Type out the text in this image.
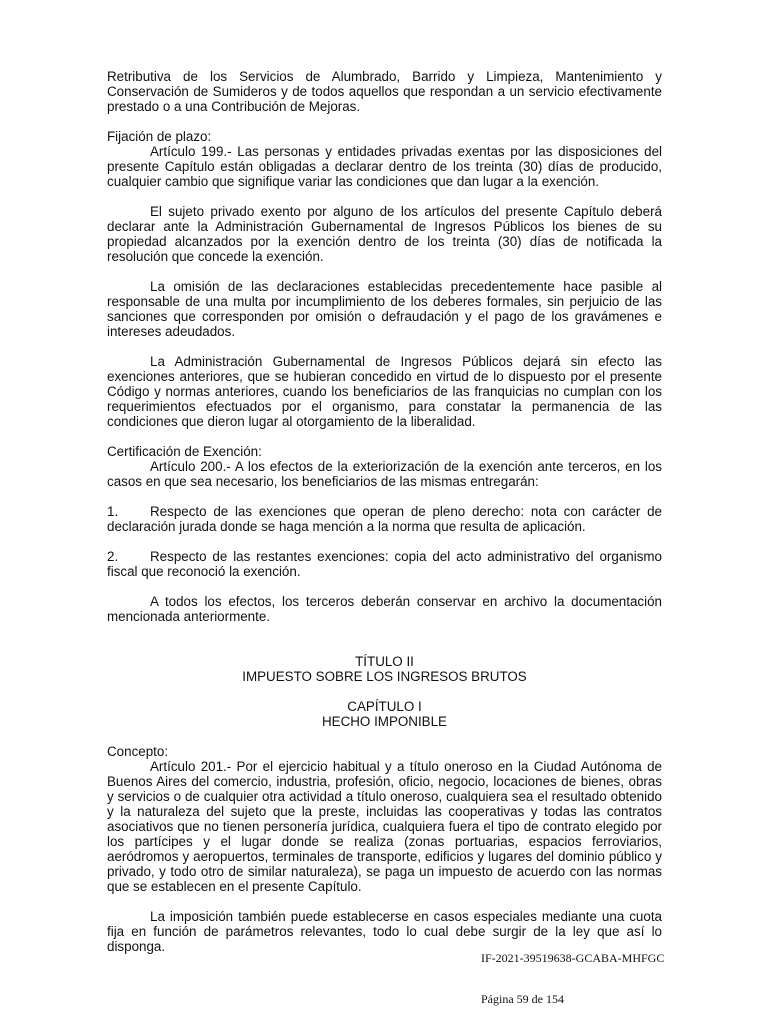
Retributiva de los Servicios de Alumbrado, Barrido y Limpieza, Mantenimiento y Conservación de Sumideros y de todos aquellos que respondan a un servicio efectivamente prestado o a una Contribución de Mejoras.

Fijación de plazo:

Artículo 199.- Las personas y entidades privadas exentas por las disposiciones del presente Capítulo están obligadas a declarar dentro de los treinta (30) días de producido, cualquier cambio que signifique variar las condiciones que dan lugar a la exención.

El sujeto privado exento por alguno de los artículos del presente Capítulo deberá declarar ante la Administración Gubernamental de Ingresos Públicos los bienes de su propiedad alcanzados por la exención dentro de los treinta (30) días de notificada la resolución que concede la exención.

La omisión de las declaraciones establecidas precedentemente hace pasible al responsable de una multa por incumplimiento de los deberes formales, sin perjuicio de las sanciones que corresponden por omisión o defraudación y el pago de los gravámenes e intereses adeudados.

La Administración Gubernamental de Ingresos Públicos dejará sin efecto las exenciones anteriores, que se hubieran concedido en virtud de lo dispuesto por el presente Código y normas anteriores, cuando los beneficiarios de las franquicias no cumplan con los requerimientos efectuados por el organismo, para constatar la permanencia de las condiciones que dieron lugar al otorgamiento de la liberalidad.

Certificación de Exención:

Artículo 200.- A los efectos de la exteriorización de la exención ante terceros, en los casos en que sea necesario, los beneficiarios de las mismas entregarán:

1. Respecto de las exenciones que operan de pleno derecho: nota con carácter de declaración jurada donde se haga mención a la norma que resulta de aplicación.

2. Respecto de las restantes exenciones: copia del acto administrativo del organismo fiscal que reconoció la exención.

A todos los efectos, los terceros deberán conservar en archivo la documentación mencionada anteriormente.

TÍTULO II

IMPUESTO SOBRE LOS INGRESOS BRUTOS

CAPÍTULO I

HECHO IMPONIBLE

Concepto:

Artículo 201.- Por el ejercicio habitual y a título oneroso en la Ciudad Autónoma de Buenos Aires del comercio, industria, profesión, oficio, negocio, locaciones de bienes, obras y servicios o de cualquier otra actividad a título oneroso, cualquiera sea el resultado obtenido y la naturaleza del sujeto que la preste, incluidas las cooperativas y todas las contratos asociativos que no tienen personería jurídica, cualquiera fuera el tipo de contrato elegido por los partícipes y el lugar donde se realiza (zonas portuarias, espacios ferroviarios, aeródromos y aeropuertos, terminales de transporte, edificios y lugares del dominio público y privado, y todo otro de similar naturaleza), se paga un impuesto de acuerdo con las normas que se establecen en el presente Capítulo.

La imposición también puede establecerse en casos especiales mediante una cuota fija en función de parámetros relevantes, todo lo cual debe surgir de la ley que así lo disponga.

IF-2021-39519638-GCABA-MHFGC
Página 59 de 154
